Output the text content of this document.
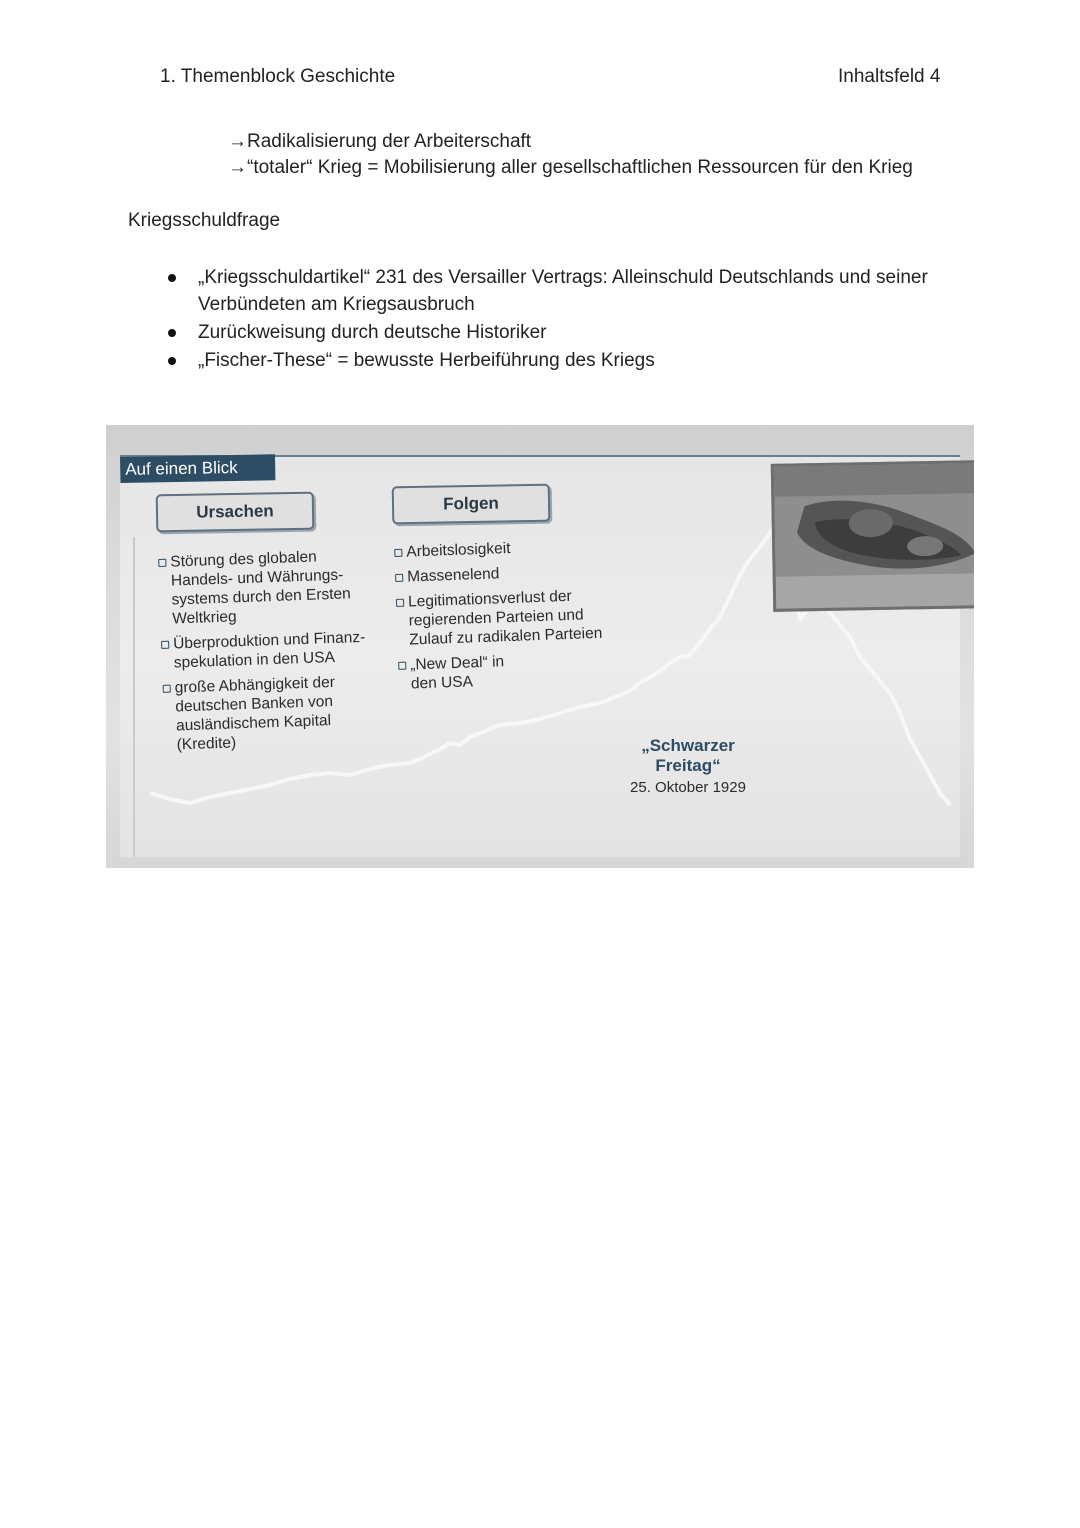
1. Themenblock Geschichte	Inhaltsfeld 4
→Radikalisierung der Arbeiterschaft
→“totaler“ Krieg = Mobilisierung aller gesellschaftlichen Ressourcen für den Krieg
Kriegsschuldfrage
„Kriegsschuldartikel“ 231 des Versailler Vertrags: Alleinschuld Deutschlands und seiner Verbündeten am Kriegsausbruch
Zurückweisung durch deutsche Historiker
„Fischer-These“ = bewusste Herbeiführung des Kriegs
Auf einen Blick
Ursachen	Folgen
Störung des globalen Handels- und Währungs-systems durch den Ersten Weltkrieg
Überproduktion und Finanz-spekulation in den USA
große Abhängigkeit der deutschen Banken von ausländischem Kapital (Kredite)
Arbeitslosigkeit
Massenelend
Legitimationsverlust der regierenden Parteien und Zulauf zu radikalen Parteien
„New Deal“ in den USA
„Schwarzer
Freitag“
25. Oktober 1929
